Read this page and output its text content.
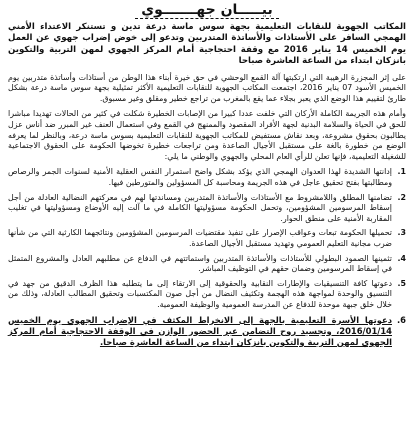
بيـــــان جهـــــــوي
المكاتب الجهوية للنقابات التعليمية بجهة سوس ماسة درعة تدين و تستنكر الاعتداء الأمني الهمجي السافر على الأستاذات والأساتذة المتدربين وتدعو إلى خوض إضراب جهوي عن العمل يوم الخميس 14 يناير 2016 مع وقفة احتجاجية أمام المركز الجهوي لمهن التربية والتكوين بانزكان ابتداء من الساعة العاشرة صباحا

على إثر المجزرة الرهيبة التي ارتكبتها آلة القمع الوحشي في حق خيرة أبناء هذا الوطن من أستاذات وأساتذة متدربين يوم الخميس الأسود 07 يناير 2016، اجتمعت المكاتب الجهوية للنقابات التعليمية الأكثر تمثيلية بجهة سوس ماسة درعة بشكل طارئ لتقييم هذا الوضع الذي يعبر بجلاء عما يقع بالمغرب من تراجع خطير ومقلق وغير مسبوق.

وأمام هذه الجريمة الكاملة الأركان التي خلفت عددا كبيرا من الإصابات الخطيرة شكلت في كثير من الحالات تهديدا مباشرا للحق في الحياة والسلامة البدنية لجهة الأفراد المقصود والممنهج في القمع وفي استعمال العنف غير المبرر ضد أناس عزل يطالبون بحقوق مشروعة، وبعد نقاش مستفيض للمكاتب الجهوية للنقابات التعليمية بسوس ماسة درعة، وبالنظر لما يعرفه الوضع من خطورة بالغة على مستقبل الأجيال الصاعدة ومن تراجعات خطيرة تخوضها الحكومة على الحقوق الاجتماعية للشغيلة التعليمية، فإنها تعلن للرأي العام المحلي والجهوي والوطني ما يلي:

1.
إدانتها الشديدة لهذا العدوان الهمجي الذي يؤكد بشكل واضح استمرار النفس العقلية الأمنية لسنوات الجمر والرصاص ومطالبتها بفتح تحقيق عاجل في هذه الجريمة ومحاسبة كل المسؤولين والمتورطين فيها.
2.
تضامنها المطلق واللامشروط مع الأستاذات والأساتذة المتدربين ومساندتها لهم في معركتهم النضالية العادلة من أجل إسقاط المرسومين المشؤومين، وتحمل الحكومة مسؤوليتها الكاملة في ما آلت إليه الأوضاع ومسؤوليتها في تغليب المقاربة الأمنية على منطق الحوار.
3.
تحميلها الحكومة تبعات وعواقب الإصرار على تنفيذ مقتضيات المرسومين المشؤومين ونتائجهما الكارثية التي من شأنها ضرب مجانية التعليم العمومي وتهديد مستقبل الأجيال الصاعدة.
4.
تثمينها الصمود البطولي للأستاذات والأساتذة المتدربين واستماتتهم في الدفاع عن مطلبهم العادل والمشروع المتمثل في إسقاط المرسومين وضمان حقهم في التوظيف المباشر.
5.
دعوتها كافة التنسيقيات والإطارات النقابية والحقوقية إلى الارتقاء إلى ما يتطلبه هذا الظرف الدقيق من جهد في التنسيق والوحدة لمواجهة هذه الهجمة وتكثيف النضال من أجل صون المكتسبات وتحقيق المطالب العادلة، وذلك من خلال خلق جبهة موحدة للدفاع عن المدرسة العمومية والوظيفة العمومية.
6.
دعوتها الأسرة التعليمية بالجهة إلى الانخراط المكثف في الإضراب الجهوي يوم الخميس 2016/01/14، وتجسيد روح التضامن عبر الحضور الوازن في الوقفة الاحتجاجية أمام المركز الجهوي لمهن التربية والتكوين بانزكان ابتداء من الساعة العاشرة صباحا.
